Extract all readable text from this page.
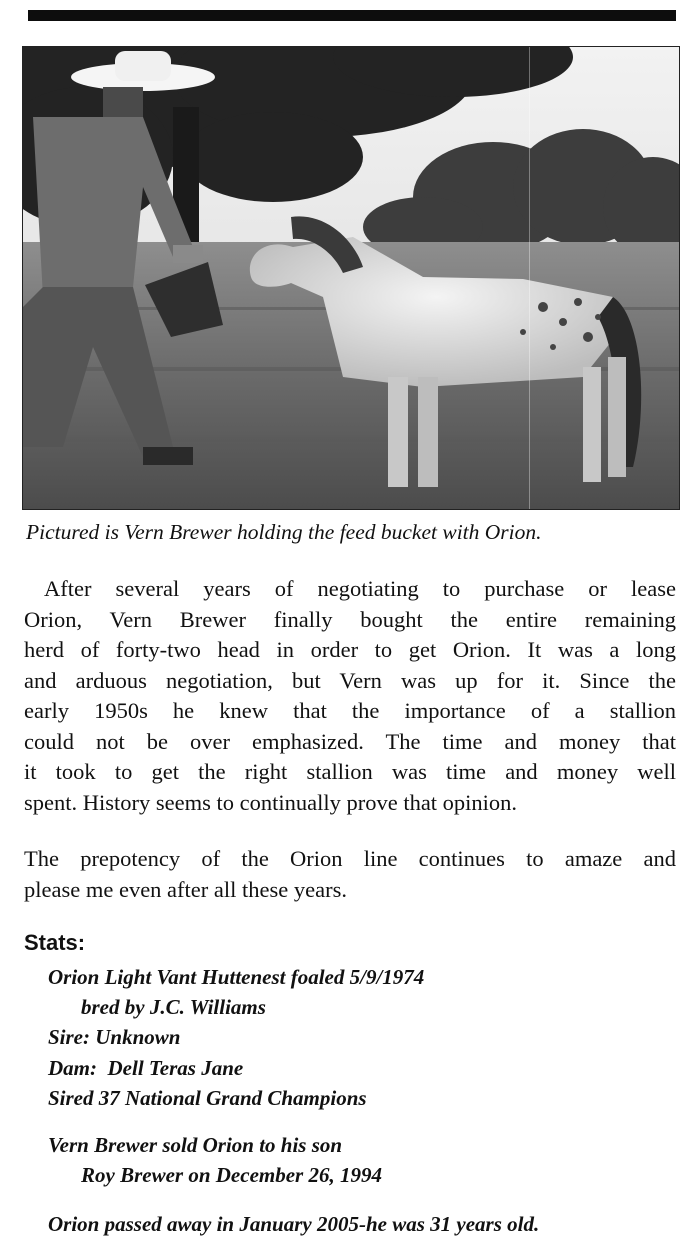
Pictured is Vern Brewer holding the feed bucket with Orion.

After several years of negotiating to purchase or lease
Orion, Vern Brewer finally bought the entire remaining
herd of forty-two head in order to get Orion. It was a long
and arduous negotiation, but Vern was up for it. Since the
early 1950s he knew that the importance of a stallion
could not be over emphasized. The time and money that
it took to get the right stallion was time and money well
spent. History seems to continually prove that opinion.

The prepotency of the Orion line continues to amaze and
please me even after all these years.

Stats:
Orion Light Vant Huttenest foaled 5/9/1974
bred by J.C. Williams
Sire: Unknown
Dam:  Dell Teras Jane
Sired 37 National Grand Champions
Vern Brewer sold Orion to his son
Roy Brewer on December 26, 1994
Orion passed away in January 2005-he was 31 years old.
